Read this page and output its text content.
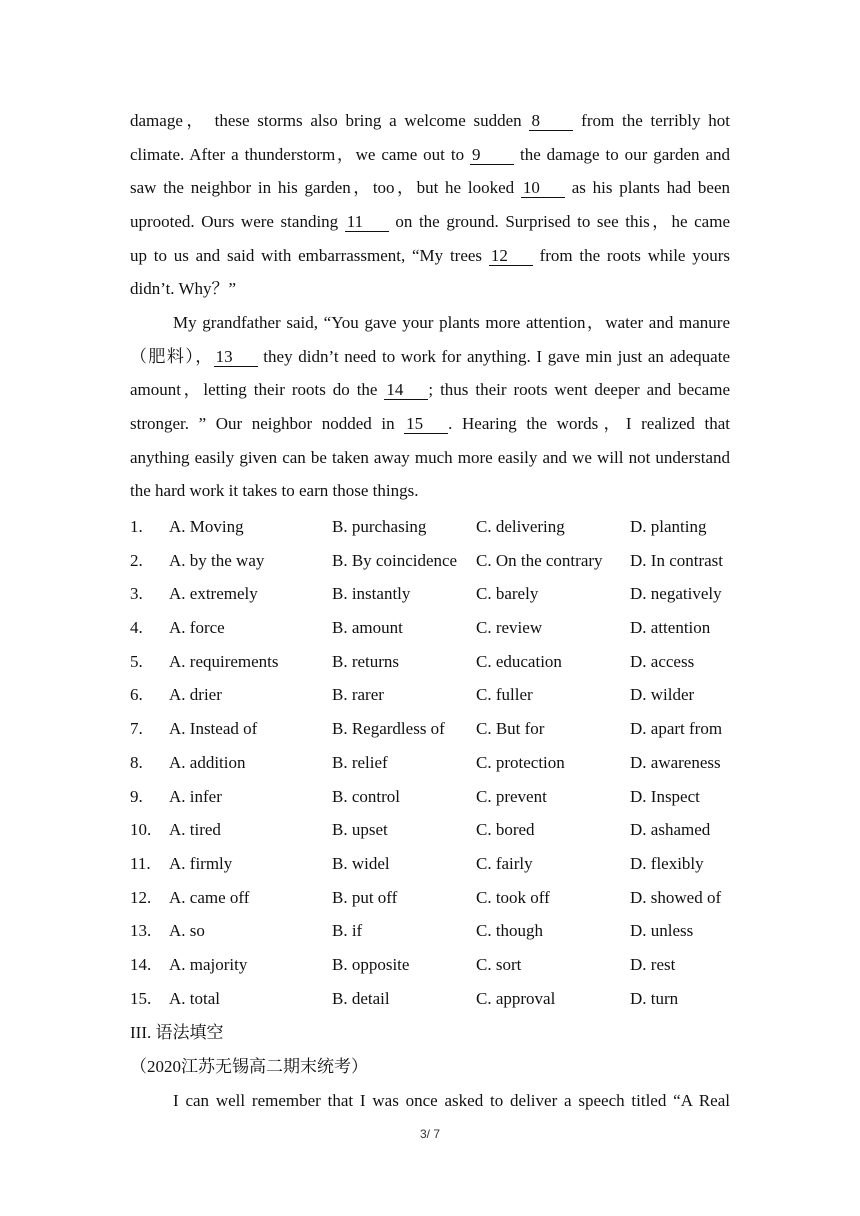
damage， these storms also bring a welcome sudden 8 from the terribly hot
climate. After a thunderstorm，we came out to 9 the damage to our garden and
saw the neighbor in his garden，too，but he looked 10 as his plants had been
uprooted. Ours were standing 11 on the ground. Surprised to see this，he came
up to us and said with embarrassment, “My trees 12 from the roots while yours
didn’t. Why？”
My grandfather said, “You gave your plants more attention，water and manure
（肥料）， 13 they didn’t need to work for anything. I gave min just an adequate
amount，letting their roots do the 14 ; thus their roots went deeper and became
stronger. ” Our neighbor nodded in 15 . Hearing the words，I realized that
anything easily given can be taken away much more easily and we will not understand
the hard work it takes to earn those things.
1. A. Moving	B. purchasing	C. delivering	D. planting
2. A. by the way	B. By coincidence C. On the contrary D. In contrast
3. A. extremely	B. instantly	C. barely	D. negatively
4. A. force	B. amount	C. review	D. attention
5. A. requirements	B. returns	C. education	D. access
6. A. drier	B. rarer	C. fuller	D. wilder
7. A. Instead of	B. Regardless of C. But for	D. apart from
8. A. addition	B. relief	C. protection	D. awareness
9. A. infer	B. control	C. prevent	D. Inspect
10. A. tired	B. upset	C. bored	D. ashamed
11. A. firmly	B. widel	C. fairly	D. flexibly
12. A. came off	B. put off	C. took off	D. showed of
13. A. so	B. if	C. though	D. unless
14. A. majority	B. opposite	C. sort	D. rest
15. A. total	B. detail	C. approval	D. turn
III. 语法填空
（2020江苏无锡高二期末统考）
I can well remember that I was once asked to deliver a speech titled “A Real
3/ 7
